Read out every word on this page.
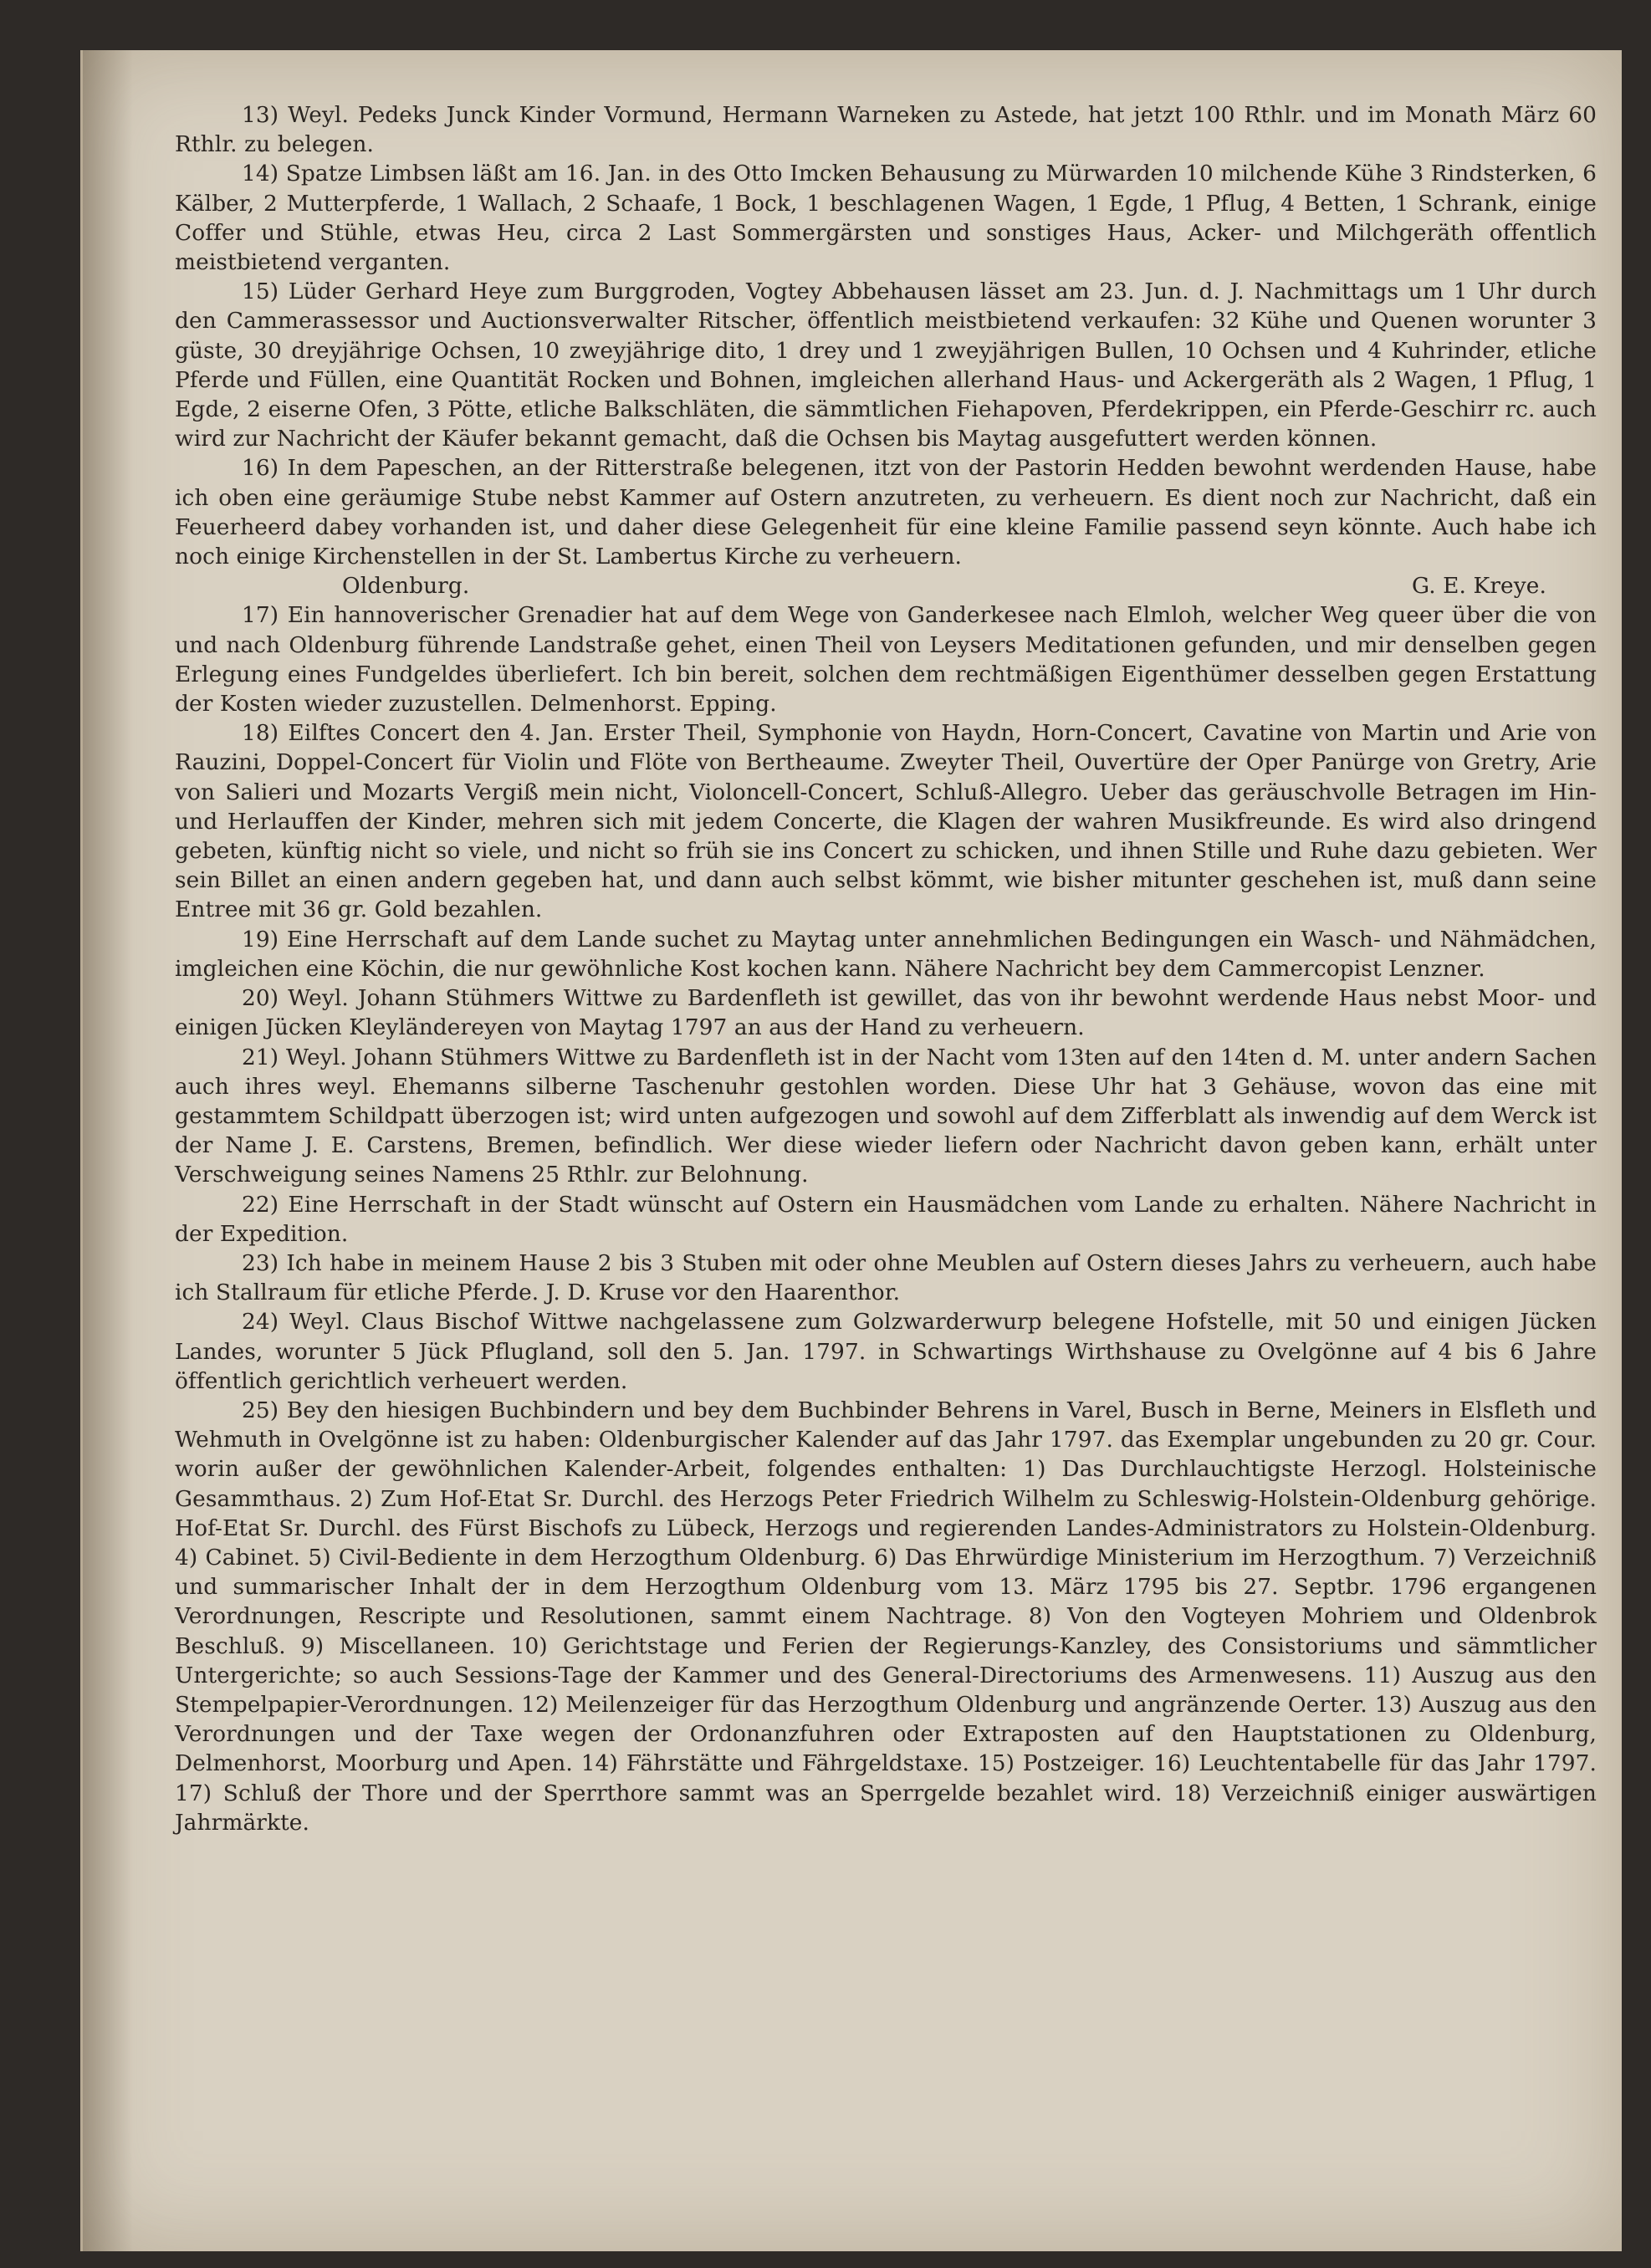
13) Weyl. Pedeks Junck Kinder Vormund, Hermann Warneken zu Astede, hat jetzt 100 Rthlr. und im Monath März 60 Rthlr. zu belegen.

14) Spatze Limbsen läßt am 16. Jan. in des Otto Imcken Behausung zu Mürwarden 10 milchende Kühe 3 Rindsterken, 6 Kälber, 2 Mutterpferde, 1 Wallach, 2 Schaafe, 1 Bock, 1 beschlagenen Wagen, 1 Egde, 1 Pflug, 4 Betten, 1 Schrank, einige Coffer und Stühle, etwas Heu, circa 2 Last Sommergärsten und sonstiges Haus, Acker- und Milchgeräth offentlich meistbietend verganten.

15) Lüder Gerhard Heye zum Burggroden, Vogtey Abbehausen lässet am 23. Jun. d. J. Nachmittags um 1 Uhr durch den Cammerassessor und Auctionsverwalter Ritscher, öffentlich meistbietend verkaufen: 32 Kühe und Quenen worunter 3 güste, 30 dreyjährige Ochsen, 10 zweyjährige dito, 1 drey und 1 zweyjährigen Bullen, 10 Ochsen und 4 Kuhrinder, etliche Pferde und Füllen, eine Quantität Rocken und Bohnen, imgleichen allerhand Haus- und Ackergeräth als 2 Wagen, 1 Pflug, 1 Egde, 2 eiserne Ofen, 3 Pötte, etliche Balkschläten, die sämmtlichen Fiehapoven, Pferdekrippen, ein Pferde-Geschirr rc. auch wird zur Nachricht der Käufer bekannt gemacht, daß die Ochsen bis Maytag ausgefuttert werden können.

16) In dem Papeschen, an der Ritterstraße belegenen, itzt von der Pastorin Hedden bewohnt werdenden Hause, habe ich oben eine geräumige Stube nebst Kammer auf Ostern anzutreten, zu verheuern. Es dient noch zur Nachricht, daß ein Feuerheerd dabey vorhanden ist, und daher diese Gelegenheit für eine kleine Familie passend seyn könnte. Auch habe ich noch einige Kirchenstellen in der St. Lambertus Kirche zu verheuern.

Oldenburg.	G. E. Kreye.

17) Ein hannoverischer Grenadier hat auf dem Wege von Ganderkesee nach Elmloh, welcher Weg queer über die von und nach Oldenburg führende Landstraße gehet, einen Theil von Leysers Meditationen gefunden, und mir denselben gegen Erlegung eines Fundgeldes überliefert. Ich bin bereit, solchen dem rechtmäßigen Eigenthümer desselben gegen Erstattung der Kosten wieder zuzustellen. Delmenhorst. Epping.

18) Eilftes Concert den 4. Jan. Erster Theil, Symphonie von Haydn, Horn-Concert, Cavatine von Martin und Arie von Rauzini, Doppel-Concert für Violin und Flöte von Bertheaume. Zweyter Theil, Ouvertüre der Oper Panürge von Gretry, Arie von Salieri und Mozarts Vergiß mein nicht, Violoncell-Concert, Schluß-Allegro. Ueber das geräuschvolle Betragen im Hin- und Herlauffen der Kinder, mehren sich mit jedem Concerte, die Klagen der wahren Musikfreunde. Es wird also dringend gebeten, künftig nicht so viele, und nicht so früh sie ins Concert zu schicken, und ihnen Stille und Ruhe dazu gebieten. Wer sein Billet an einen andern gegeben hat, und dann auch selbst kömmt, wie bisher mitunter geschehen ist, muß dann seine Entree mit 36 gr. Gold bezahlen.

19) Eine Herrschaft auf dem Lande suchet zu Maytag unter annehmlichen Bedingungen ein Wasch- und Nähmädchen, imgleichen eine Köchin, die nur gewöhnliche Kost kochen kann. Nähere Nachricht bey dem Cammercopist Lenzner.

20) Weyl. Johann Stühmers Wittwe zu Bardenfleth ist gewillet, das von ihr bewohnt werdende Haus nebst Moor- und einigen Jücken Kleyländereyen von Maytag 1797 an aus der Hand zu verheuern.

21) Weyl. Johann Stühmers Wittwe zu Bardenfleth ist in der Nacht vom 13ten auf den 14ten d. M. unter andern Sachen auch ihres weyl. Ehemanns silberne Taschenuhr gestohlen worden. Diese Uhr hat 3 Gehäuse, wovon das eine mit gestammtem Schildpatt überzogen ist; wird unten aufgezogen und sowohl auf dem Zifferblatt als inwendig auf dem Werck ist der Name J. E. Carstens, Bremen, befindlich. Wer diese wieder liefern oder Nachricht davon geben kann, erhält unter Verschweigung seines Namens 25 Rthlr. zur Belohnung.

22) Eine Herrschaft in der Stadt wünscht auf Ostern ein Hausmädchen vom Lande zu erhalten. Nähere Nachricht in der Expedition.

23) Ich habe in meinem Hause 2 bis 3 Stuben mit oder ohne Meublen auf Ostern dieses Jahrs zu verheuern, auch habe ich Stallraum für etliche Pferde. J. D. Kruse vor den Haarenthor.

24) Weyl. Claus Bischof Wittwe nachgelassene zum Golzwarderwurp belegene Hofstelle, mit 50 und einigen Jücken Landes, worunter 5 Jück Pflugland, soll den 5. Jan. 1797. in Schwartings Wirthshause zu Ovelgönne auf 4 bis 6 Jahre öffentlich gerichtlich verheuert werden.

25) Bey den hiesigen Buchbindern und bey dem Buchbinder Behrens in Varel, Busch in Berne, Meiners in Elsfleth und Wehmuth in Ovelgönne ist zu haben: Oldenburgischer Kalender auf das Jahr 1797. das Exemplar ungebunden zu 20 gr. Cour. worin außer der gewöhnlichen Kalender-Arbeit, folgendes enthalten: 1) Das Durchlauchtigste Herzogl. Holsteinische Gesammthaus. 2) Zum Hof-Etat Sr. Durchl. des Herzogs Peter Friedrich Wilhelm zu Schleswig-Holstein-Oldenburg gehörige. Hof-Etat Sr. Durchl. des Fürst Bischofs zu Lübeck, Herzogs und regierenden Landes-Administrators zu Holstein-Oldenburg. 4) Cabinet. 5) Civil-Bediente in dem Herzogthum Oldenburg. 6) Das Ehrwürdige Ministerium im Herzogthum. 7) Verzeichniß und summarischer Inhalt der in dem Herzogthum Oldenburg vom 13. März 1795 bis 27. Septbr. 1796 ergangenen Verordnungen, Rescripte und Resolutionen, sammt einem Nachtrage. 8) Von den Vogteyen Mohriem und Oldenbrok Beschluß. 9) Miscellaneen. 10) Gerichtstage und Ferien der Regierungs-Kanzley, des Consistoriums und sämmtlicher Untergerichte; so auch Sessions-Tage der Kammer und des General-Directoriums des Armenwesens. 11) Auszug aus den Stempelpapier-Verordnungen. 12) Meilenzeiger für das Herzogthum Oldenburg und angränzende Oerter. 13) Auszug aus den Verordnungen und der Taxe wegen der Ordonanzfuhren oder Extraposten auf den Hauptstationen zu Oldenburg, Delmenhorst, Moorburg und Apen. 14) Fährstätte und Fährgeldstaxe. 15) Postzeiger. 16) Leuchtentabelle für das Jahr 1797. 17) Schluß der Thore und der Sperrthore sammt was an Sperrgelde bezahlet wird. 18) Verzeichniß einiger auswärtigen Jahrmärkte.
